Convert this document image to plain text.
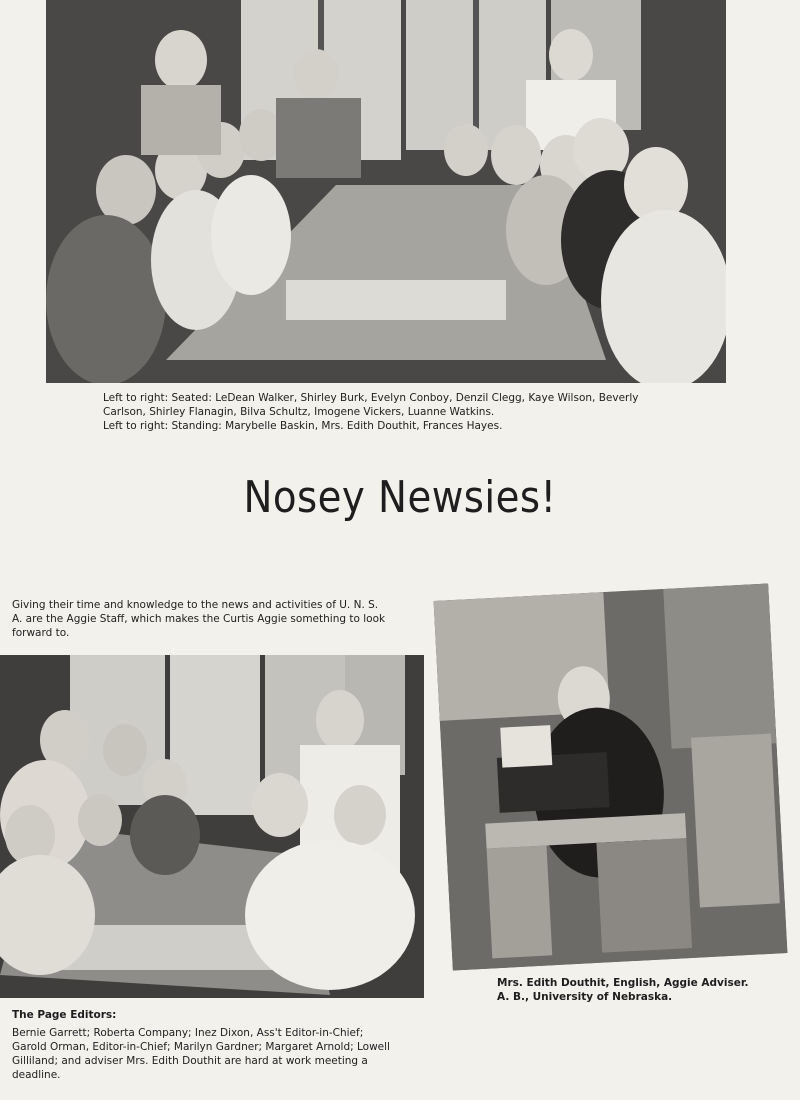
Left to right: Seated: LeDean Walker, Shirley Burk, Evelyn Conboy, Denzil Clegg, Kaye Wilson, Beverly Carlson, Shirley Flanagin, Bilva Schultz, Imogene Vickers, Luanne Watkins.

Left to right: Standing: Marybelle Baskin, Mrs. Edith Douthit, Frances Hayes.

Nosey Newsies!
Giving their time and knowledge to the news and activities of U. N. S. A. are the Aggie Staff, which makes the Curtis Aggie something to look forward to.

Mrs. Edith Douthit, English, Aggie Adviser.

A. B., University of Nebraska.

The Page Editors:

Bernie Garrett; Roberta Company; Inez Dixon, Ass't Editor-in-Chief; Garold Orman, Editor-in-Chief; Marilyn Gardner; Margaret Arnold; Lowell Gilliland; and adviser Mrs. Edith Douthit are hard at work meeting a deadline.
